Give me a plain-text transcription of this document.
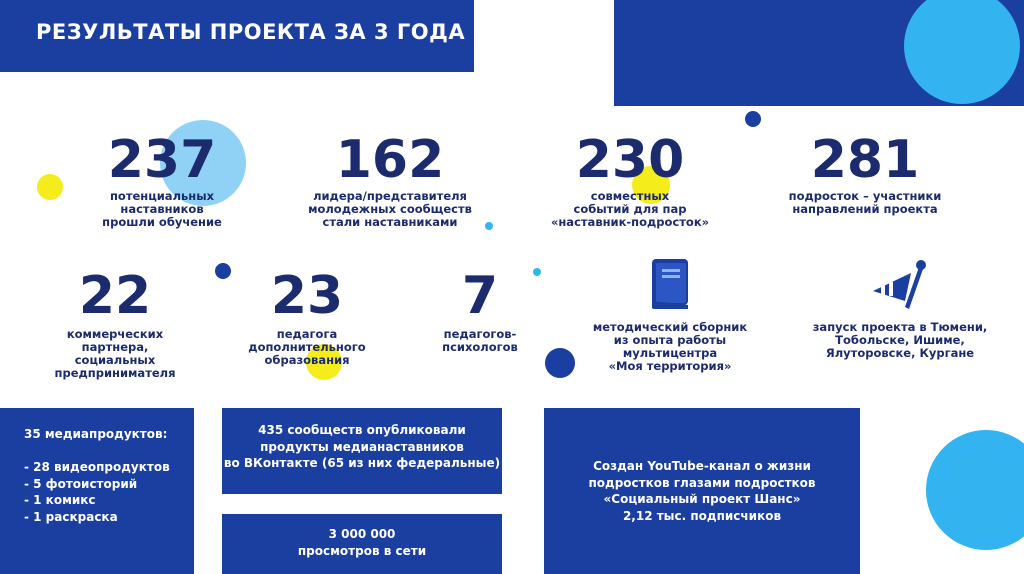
РЕЗУЛЬТАТЫ ПРОЕКТА ЗА 3 ГОДА
237
потенциальных
наставников
прошли обучение
162
лидера/представителя
молодежных сообществ
стали наставниками
230
совместных
событий для пар
«наставник-подросток»
281
подросток – участники
направлений проекта
22
коммерческих
партнера,
социальных
предпринимателя
23
педагога
дополнительного
образования
7
педагогов-
психологов
методический сборник
из опыта работы
мультицентра
«Моя территория»
запуск проекта в Тюмени,
Тобольске, Ишиме,
Ялуторовске, Кургане
35 медиапродуктов:
- 28 видеопродуктов
- 5 фотоисторий
- 1 комикс
- 1 раскраска
435 сообществ опубликовали
продукты медианаставников
во ВКонтакте (65 из них федеральные)
3 000 000
просмотров в сети
Создан YouTube-канал о жизни
подростков глазами подростков
«Социальный проект Шанс»
2,12 тыс. подписчиков
